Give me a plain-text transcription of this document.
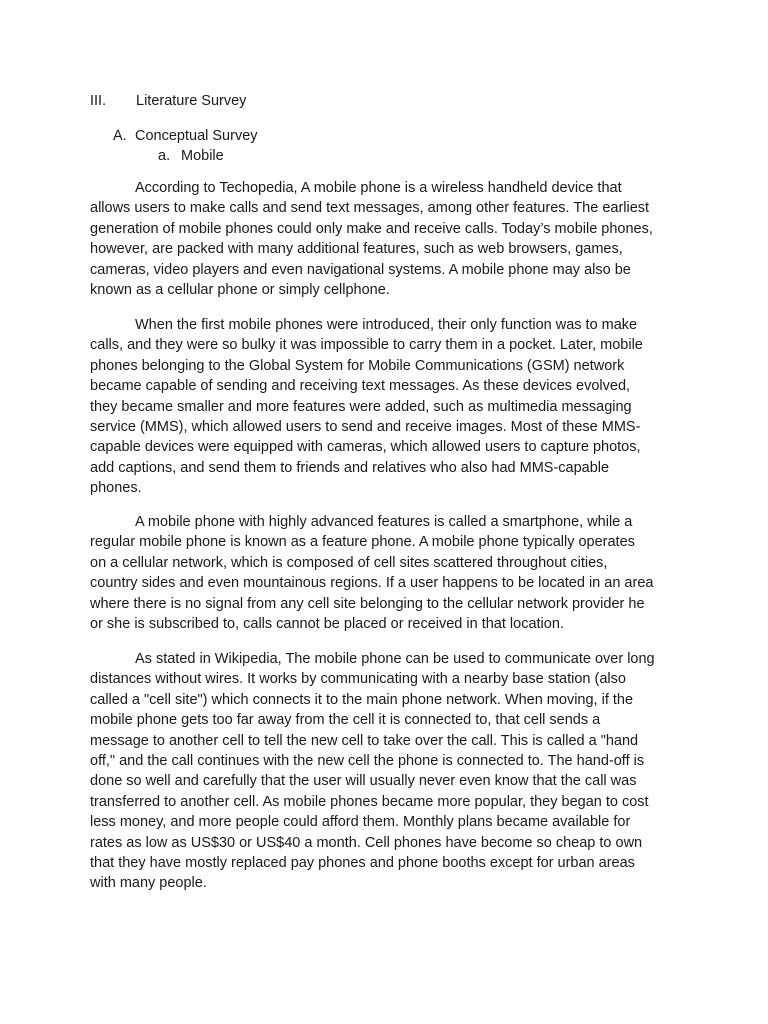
III. Literature Survey
A. Conceptual Survey
a. Mobile

According to Techopedia, A mobile phone is a wireless handheld device that
allows users to make calls and send text messages, among other features. The earliest
generation of mobile phones could only make and receive calls. Today’s mobile phones,
however, are packed with many additional features, such as web browsers, games,
cameras, video players and even navigational systems. A mobile phone may also be
known as a cellular phone or simply cellphone.

When the first mobile phones were introduced, their only function was to make
calls, and they were so bulky it was impossible to carry them in a pocket. Later, mobile
phones belonging to the Global System for Mobile Communications (GSM) network
became capable of sending and receiving text messages. As these devices evolved,
they became smaller and more features were added, such as multimedia messaging
service (MMS), which allowed users to send and receive images. Most of these MMS-
capable devices were equipped with cameras, which allowed users to capture photos,
add captions, and send them to friends and relatives who also had MMS-capable
phones.

A mobile phone with highly advanced features is called a smartphone, while a
regular mobile phone is known as a feature phone. A mobile phone typically operates
on a cellular network, which is composed of cell sites scattered throughout cities,
country sides and even mountainous regions. If a user happens to be located in an area
where there is no signal from any cell site belonging to the cellular network provider he
or she is subscribed to, calls cannot be placed or received in that location.

As stated in Wikipedia, The mobile phone can be used to communicate over long
distances without wires. It works by communicating with a nearby base station (also
called a "cell site") which connects it to the main phone network. When moving, if the
mobile phone gets too far away from the cell it is connected to, that cell sends a
message to another cell to tell the new cell to take over the call. This is called a "hand
off," and the call continues with the new cell the phone is connected to. The hand-off is
done so well and carefully that the user will usually never even know that the call was
transferred to another cell. As mobile phones became more popular, they began to cost
less money, and more people could afford them. Monthly plans became available for
rates as low as US$30 or US$40 a month. Cell phones have become so cheap to own
that they have mostly replaced pay phones and phone booths except for urban areas
with many people.
